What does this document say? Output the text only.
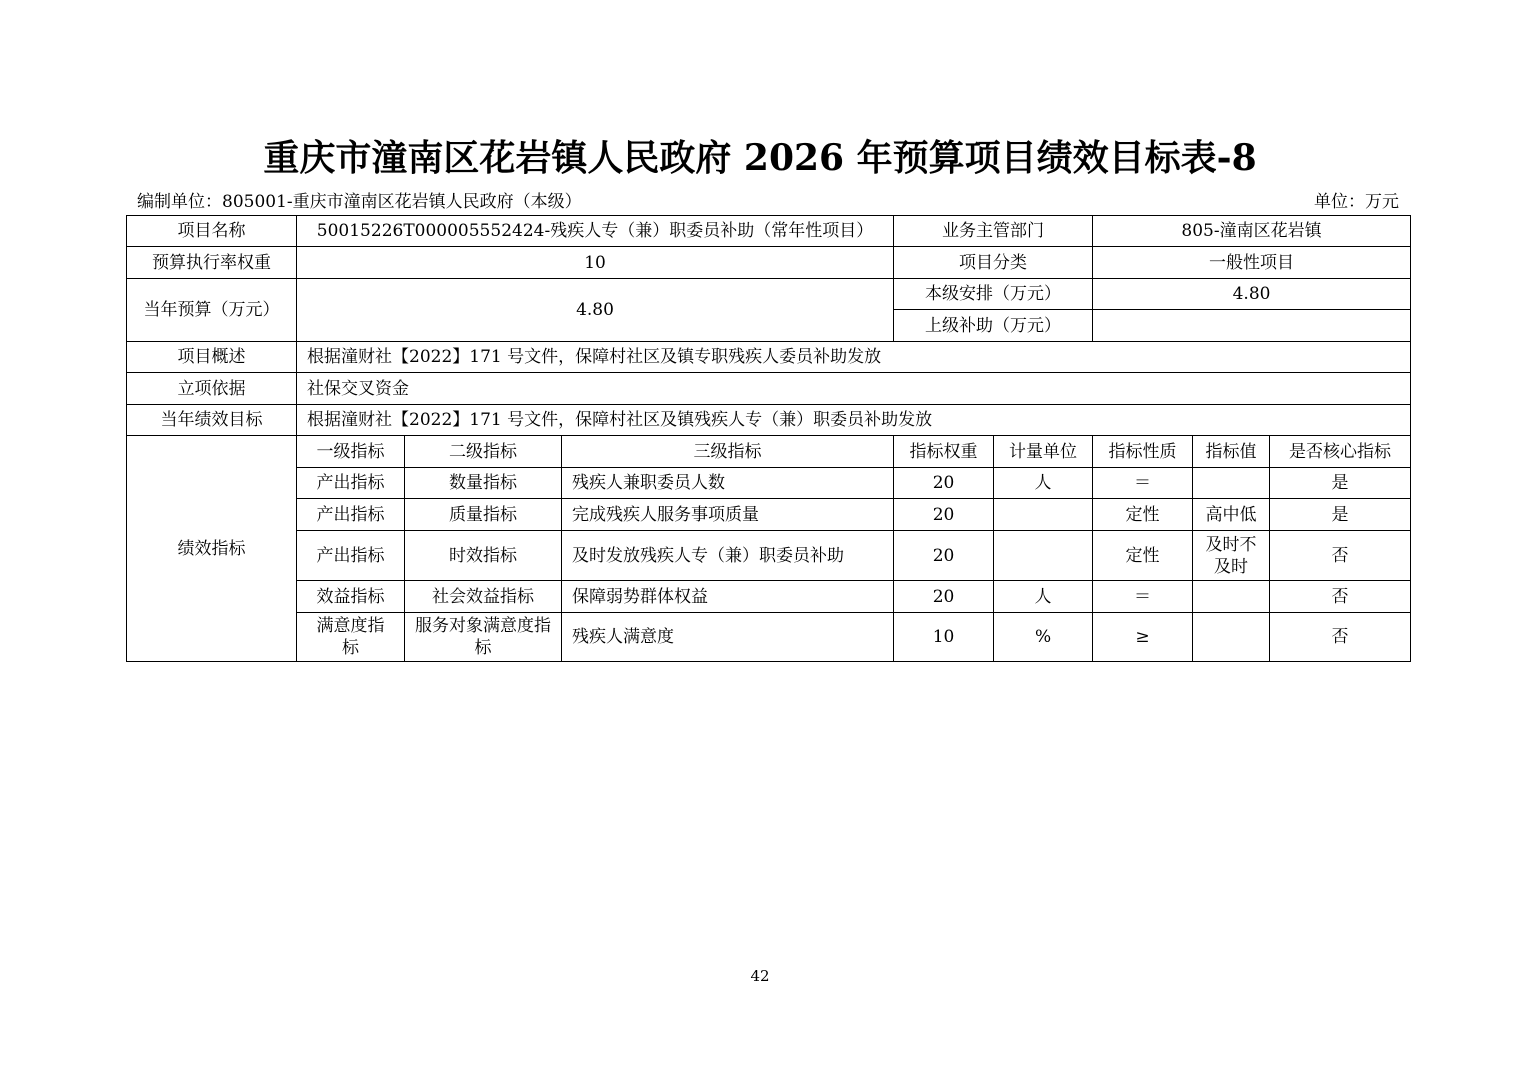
重庆市潼南区花岩镇人民政府 2026 年预算项目绩效目标表-8
编制单位：805001-重庆市潼南区花岩镇人民政府（本级）	单位：万元
项目名称	50015226T000005552424-残疾人专（兼）职委员补助（常年性项目）			业务主管部门		805-潼南区花岩镇		
预算执行率权重	10			项目分类		一般性项目		
当年预算（万元）	4.80			本级安排（万元）		4.80		
				上级补助（万元）				
项目概述	根据潼财社【2022】171 号文件，保障村社区及镇专职残疾人委员补助发放							
立项依据	社保交叉资金							
当年绩效目标	根据潼财社【2022】171 号文件，保障村社区及镇残疾人专（兼）职委员补助发放							
绩效指标	一级指标	二级指标	三级指标	指标权重	计量单位	指标性质	指标值	是否核心指标
	产出指标	数量指标	残疾人兼职委员人数	20	人	＝		是
	产出指标	质量指标	完成残疾人服务事项质量	20		定性	高中低	是
	产出指标	时效指标	及时发放残疾人专（兼）职委员补助	20		定性	及时不及时	否
	效益指标	社会效益指标	保障弱势群体权益	20	人	＝		否
	满意度指标	服务对象满意度指标	残疾人满意度	10	%	≥		否
42
